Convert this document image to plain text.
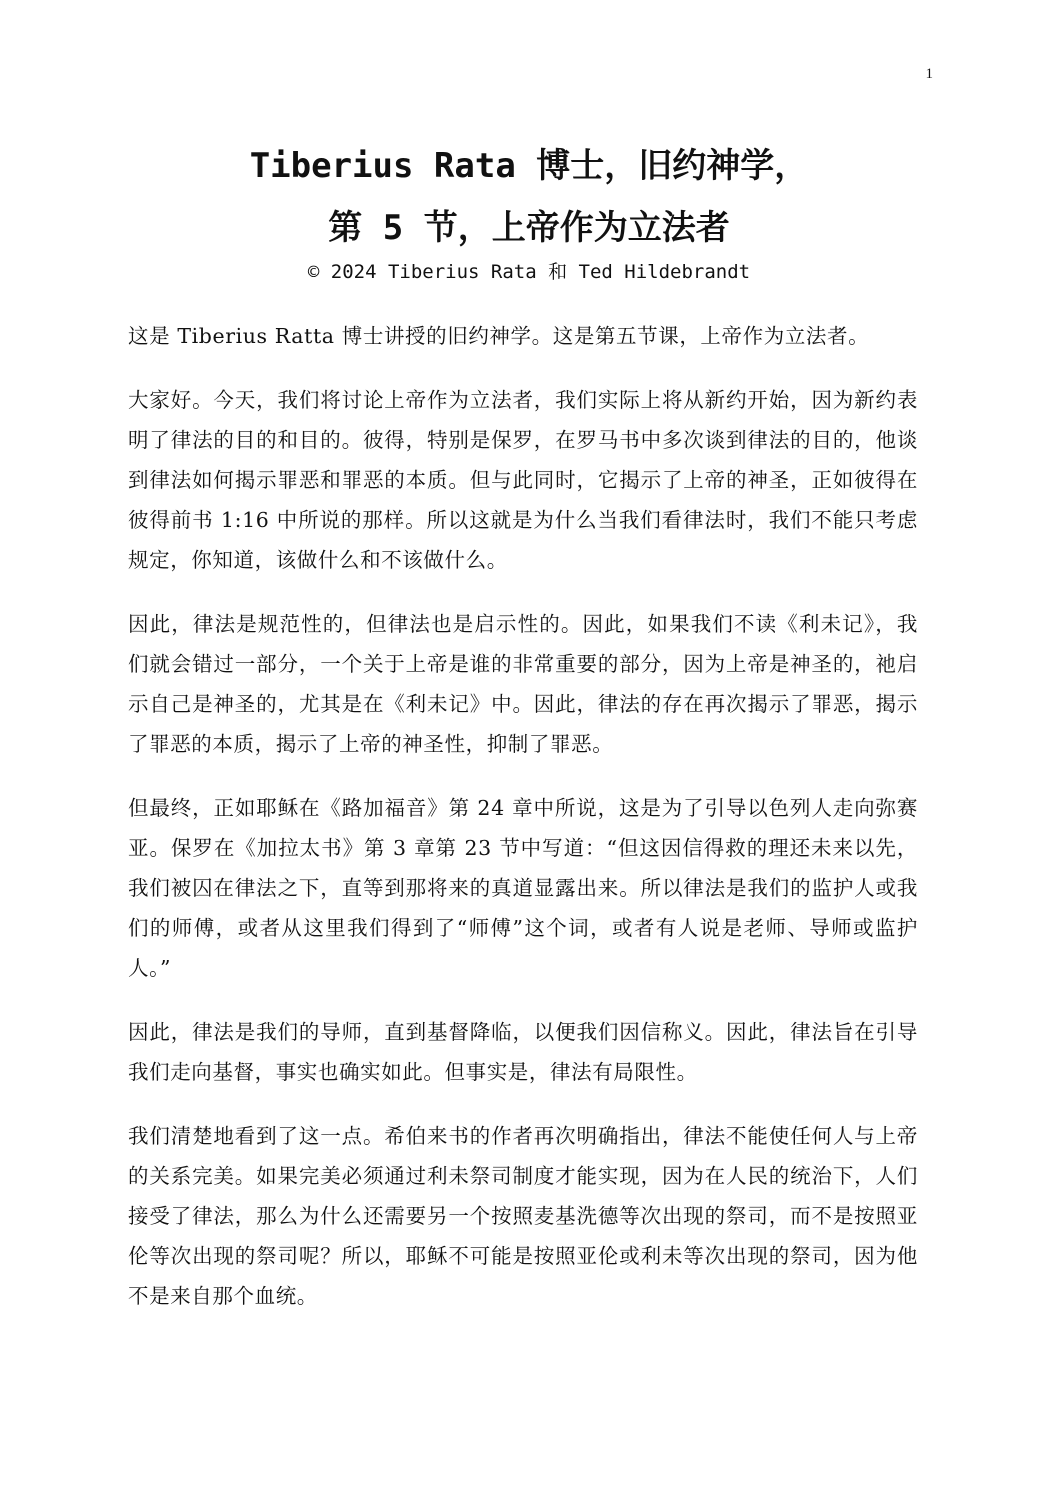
1
Tiberius Rata 博士，旧约神学，
第 5 节，上帝作为立法者
© 2024 Tiberius Rata 和 Ted Hildebrandt

这是 Tiberius Ratta 博士讲授的旧约神学。这是第五节课，上帝作为立法者。

大家好。今天，我们将讨论上帝作为立法者，我们实际上将从新约开始，因为新约表明了律法的目的和目的。彼得，特别是保罗，在罗马书中多次谈到律法的目的，他谈到律法如何揭示罪恶和罪恶的本质。但与此同时，它揭示了上帝的神圣，正如彼得在彼得前书 1:16 中所说的那样。所以这就是为什么当我们看律法时，我们不能只考虑规定，你知道，该做什么和不该做什么。

因此，律法是规范性的，但律法也是启示性的。因此，如果我们不读《利未记》，我们就会错过一部分，一个关于上帝是谁的非常重要的部分，因为上帝是神圣的，祂启示自己是神圣的，尤其是在《利未记》中。因此，律法的存在再次揭示了罪恶，揭示了罪恶的本质，揭示了上帝的神圣性，抑制了罪恶。

但最终，正如耶稣在《路加福音》第 24 章中所说，这是为了引导以色列人走向弥赛亚。保罗在《加拉太书》第 3 章第 23 节中写道：“但这因信得救的理还未来以先，我们被囚在律法之下，直等到那将来的真道显露出来。所以律法是我们的监护人或我们的师傅，或者从这里我们得到了“师傅”这个词，或者有人说是老师、导师或监护人。”

因此，律法是我们的导师，直到基督降临，以便我们因信称义。因此，律法旨在引导我们走向基督，事实也确实如此。但事实是，律法有局限性。

我们清楚地看到了这一点。希伯来书的作者再次明确指出，律法不能使任何人与上帝的关系完美。如果完美必须通过利未祭司制度才能实现，因为在人民的统治下，人们接受了律法，那么为什么还需要另一个按照麦基洗德等次出现的祭司，而不是按照亚伦等次出现的祭司呢？所以，耶稣不可能是按照亚伦或利未等次出现的祭司，因为他不是来自那个血统。
